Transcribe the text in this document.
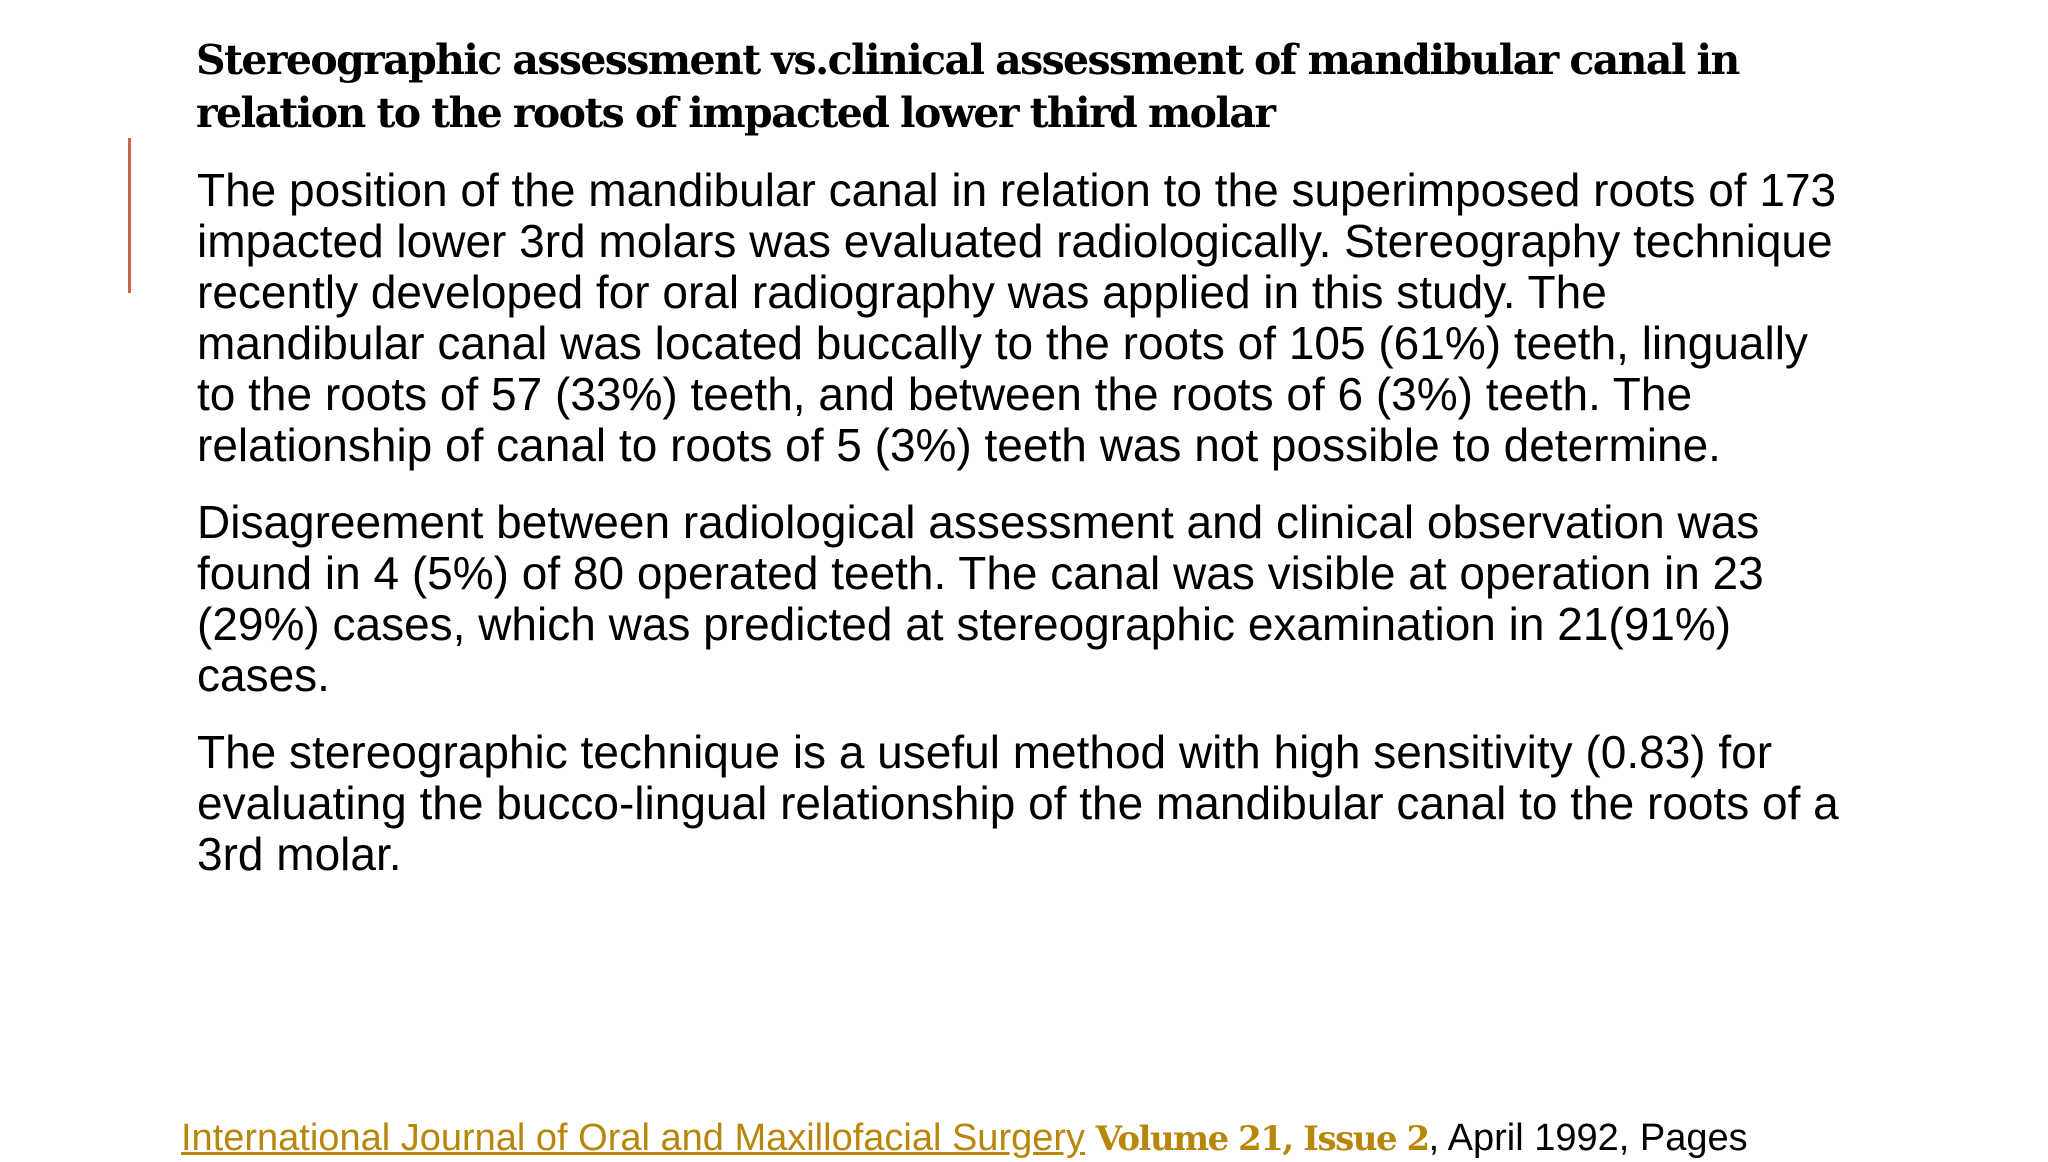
Stereographic assessment vs.clinical assessment of mandibular canal in relation to the roots of impacted lower third molar

The position of the mandibular canal in relation to the superimposed roots of 173 impacted lower 3rd molars was evaluated radiologically. Stereography technique recently developed for oral radiography was applied in this study. The mandibular canal was located buccally to the roots of 105 (61%) teeth, lingually to the roots of 57 (33%) teeth, and between the roots of 6 (3%) teeth. The relationship of canal to roots of 5 (3%) teeth was not possible to determine.

Disagreement between radiological assessment and clinical observation was found in 4 (5%) of 80 operated teeth. The canal was visible at operation in 23 (29%) cases, which was predicted at stereographic examination in 21(91%) cases.

The stereographic technique is a useful method with high sensitivity (0.83) for evaluating the bucco-lingual relationship of the mandibular canal to the roots of a 3rd molar.

International Journal of Oral and Maxillofacial Surgery Volume 21, Issue 2, April 1992, Pages
